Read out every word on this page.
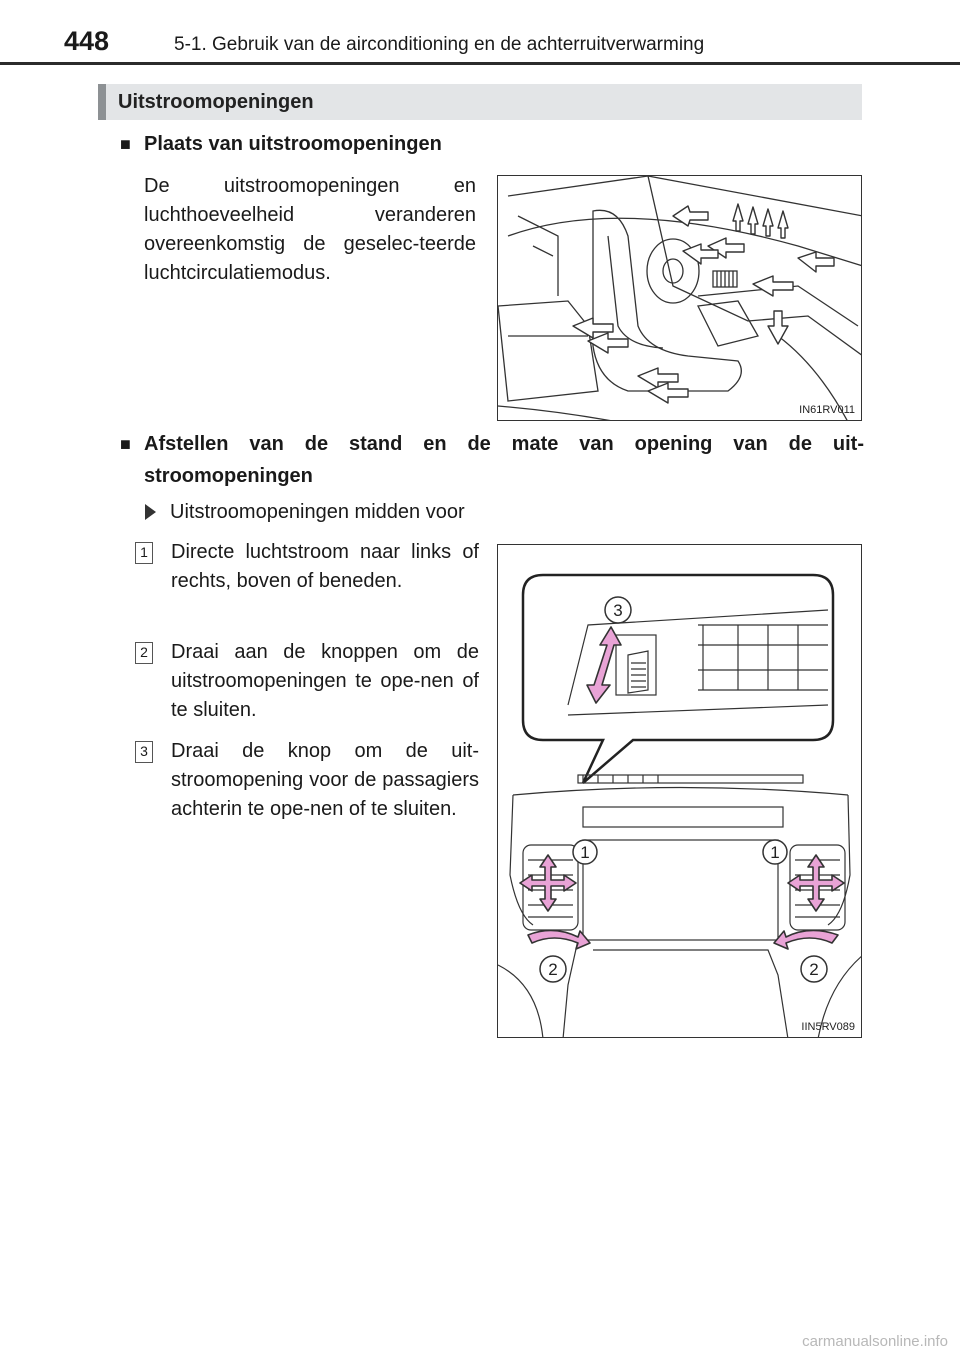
448	5-1. Gebruik van de airconditioning en de achterruitverwarming
Uitstroomopeningen
■ Plaats van uitstroomopeningen
De uitstroomopeningen en luchthoeveelheid veranderen overeenkomstig de geselec-teerde luchtcirculatiemodus.
IN61RV011
■ Afstellen van de stand en de mate van opening van de uit-stroomopeningen
Uitstroomopeningen midden voor
1 Directe luchtstroom naar links of rechts, boven of beneden.
2 Draai aan de knoppen om de uitstroomopeningen te ope-nen of te sluiten.
3 Draai de knop om de uit-stroomopening voor de passagiers achterin te ope-nen of te sluiten.
3
1	1
2	2
IIN5RV089
carmanualsonline.info
